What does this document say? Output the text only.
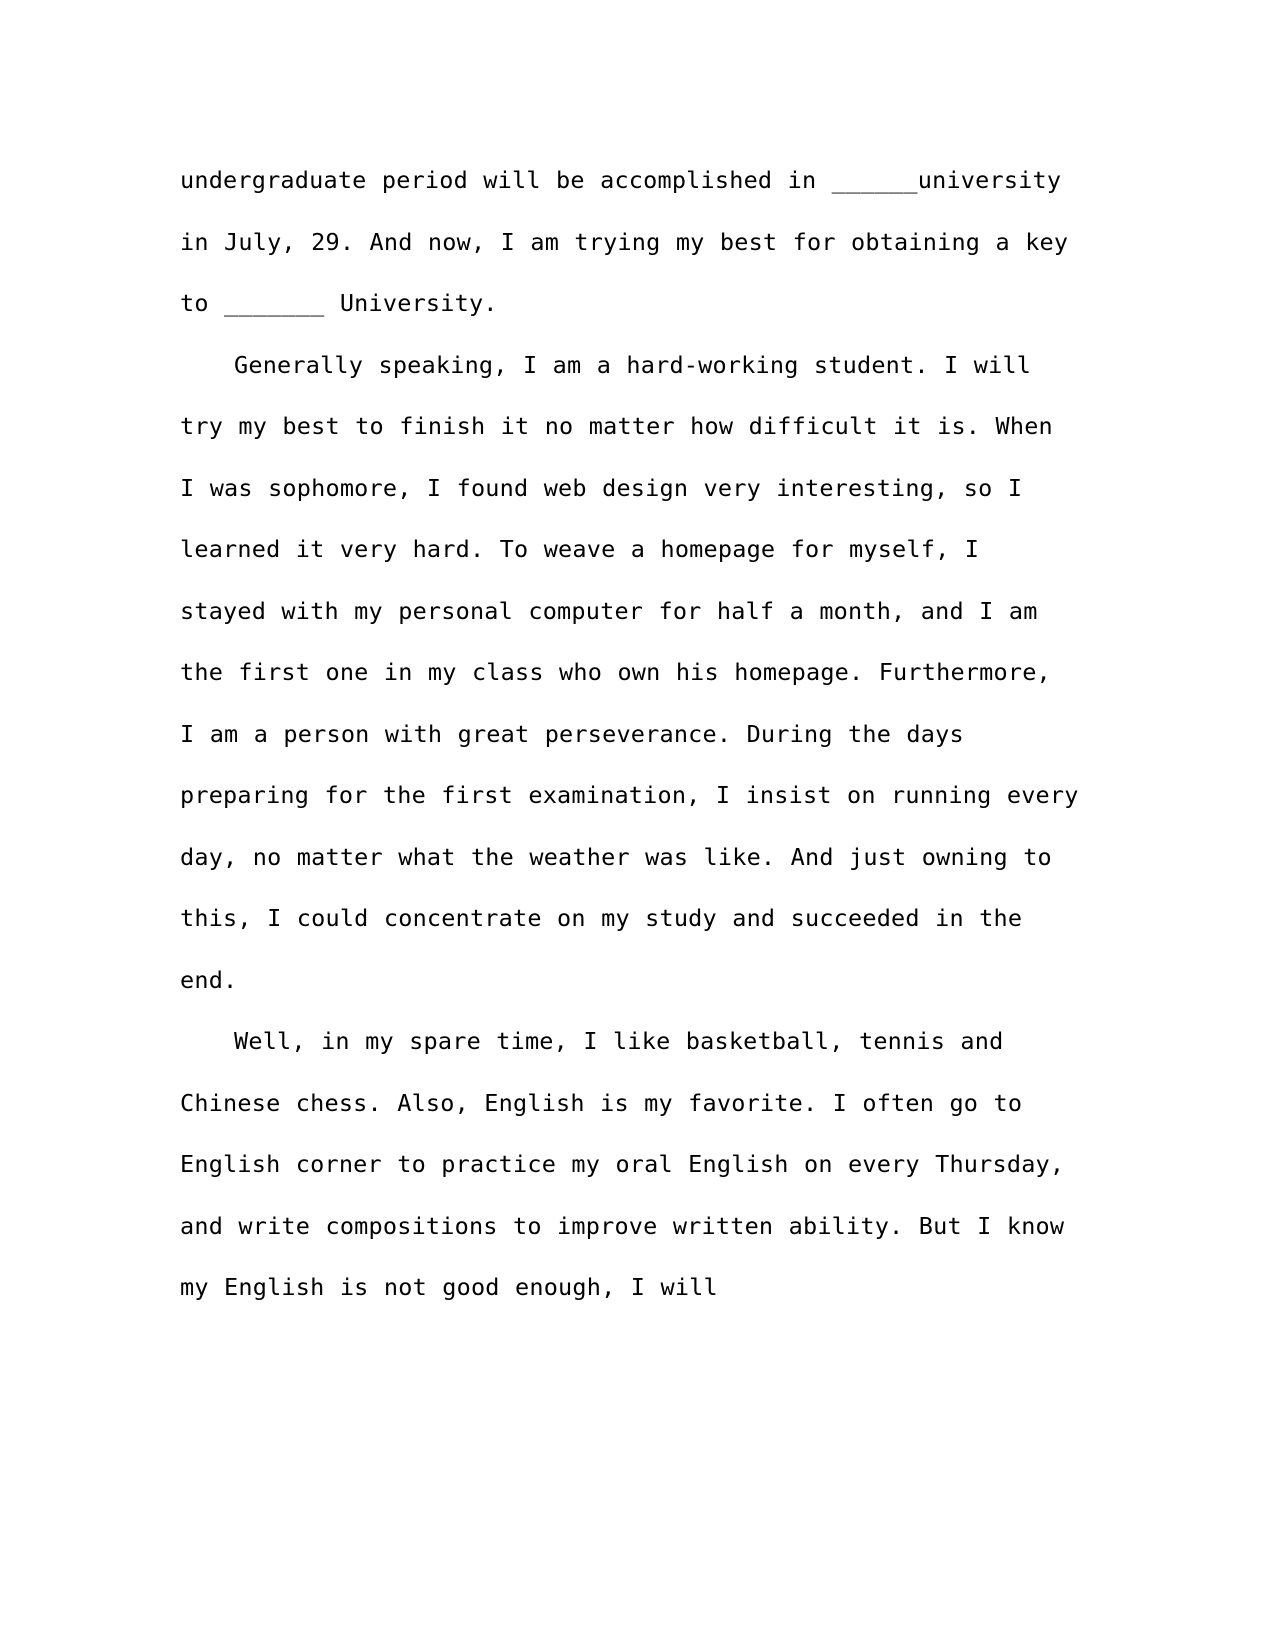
undergraduate period will be accomplished in ______university in July, 29. And now, I am trying my best for obtaining a key to _______ University.

Generally speaking, I am a hard-working student. I will try my best to finish it no matter how difficult it is. When I was sophomore, I found web design very interesting, so I learned it very hard. To weave a homepage for myself, I stayed with my personal computer for half a month, and I am the first one in my class who own his homepage. Furthermore, I am a person with great perseverance. During the days preparing for the first examination, I insist on running every day, no matter what the weather was like. And just owning to this, I could concentrate on my study and succeeded in the end.

Well, in my spare time, I like basketball, tennis and Chinese chess. Also, English is my favorite. I often go to English corner to practice my oral English on every Thursday, and write compositions to improve written ability. But I know my English is not good enough, I will
